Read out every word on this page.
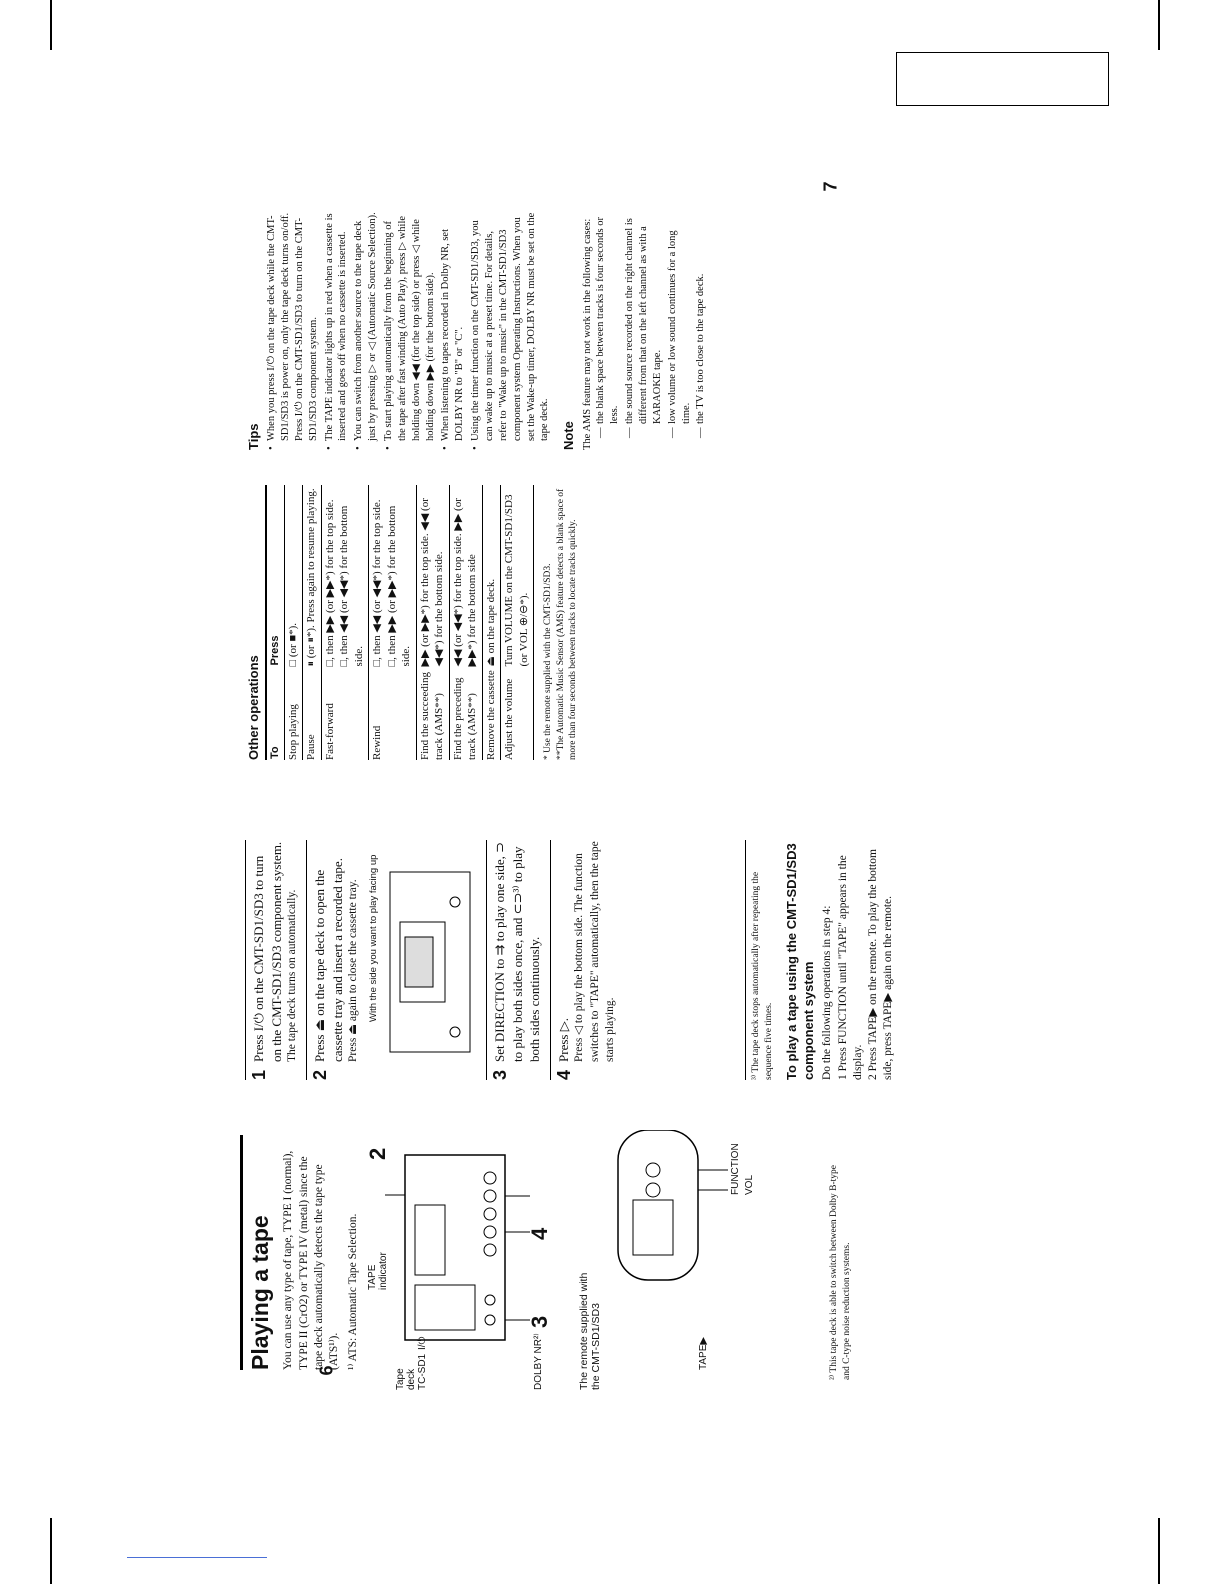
6
7
Playing a tape You can use any type of tape, TYPE I (normal), TYPE II (CrO2) or TYPE IV (metal) since the tape deck automatically detects the tape type (ATS¹⁾). ¹⁾ ATS: Automatic Tape Selection.
Tape deck TC-SD1
TAPE indicator
I/⏻	DOLBY NR²⁾
2
3
4
The remote supplied with the CMT-SD1/SD3	TAPE▶
FUNCTION VOL	²⁾ This tape deck is able to switch between Dolby B-type and C-type noise reduction systems.
1
Press I/⏻ on the CMT-SD1/SD3 to turn on the CMT-SD1/SD3 component system. The tape deck turns on automatically.
2
Press ⏏ on the tape deck to open the cassette tray and insert a recorded tape. Press ⏏ again to close the cassette tray. With the side you want to play facing up
3
Set DIRECTION to ⇉ to play one side, ⊃ to play both sides once, and ⊂⊃³⁾ to play both sides continuously.
4
Press ▷. Press ◁ to play the bottom side. The function switches to "TAPE" automatically, then the tape starts playing.	³⁾ The tape deck stops automatically after repeating the sequence five times. To play a tape using the CMT-SD1/SD3 component system Do the following operations in step 4: 1 Press FUNCTION until "TAPE" appears in the display. 2 Press TAPE▶ on the remote. To play the bottom side, press TAPE▶ again on the remote.
Other operations To	Press
Stop playing	□ (or ■*).
Pause	⏸ (or ⏸*). Press again to resume playing.
Fast-forward	□, then ▶▶ (or ▶▶*) for the top side. □, then ◀◀ (or ◀◀*) for the bottom side.
Rewind	□, then ◀◀ (or ◀◀*) for the top side. □, then ▶▶ (or ▶▶*) for the bottom side.
Find the succeeding track (AMS**)	▶▶ (or ▶▶*) for the top side. ◀◀ (or ◀◀*) for the bottom side.
Find the preceding track (AMS**)	◀◀ (or ◀◀*) for the top side. ▶▶ (or ▶▶*) for the bottom side
Remove the cassette	⏏ on the tape deck.
Adjust the volume	Turn VOLUME on the CMT-SD1/SD3 (or VOL ⊕/⊖*). * Use the remote supplied with the CMT-SD1/SD3. **The Automatic Music Sensor (AMS) feature detects a blank space of more than four seconds between tracks to locate tracks quickly.
Tips • When you press I/⏻ on the tape deck while the CMT-SD1/SD3 is power on, only the tape deck turns on/off. Press I/⏻ on the CMT-SD1/SD3 to turn on the CMT-SD1/SD3 component system. • The TAPE indicator lights up in red when a cassette is inserted and goes off when no cassette is inserted. • You can switch from another source to the tape deck just by pressing ▷ or ◁ (Automatic Source Selection). • To start playing automatically from the beginning of the tape after fast winding (Auto Play), press ▷ while holding down ◀◀ (for the top side) or press ◁ while holding down ▶▶ (for the bottom side). • When listening to tapes recorded in Dolby NR, set DOLBY NR to "B" or "C". • Using the timer function on the CMT-SD1/SD3, you can wake up to music at a preset time. For details, refer to "Wake up to music" in the CMT-SD1/SD3 component system Operating Instructions. When you set the Wake-up timer, DOLBY NR must be set on the tape deck. Note The AMS feature may not work in the following cases: — the blank space between tracks is four seconds or less. — the sound source recorded on the right channel is different from that on the left channel as with a KARAOKE tape. — low volume or low sound continues for a long time. — the TV is too close to the tape deck.
